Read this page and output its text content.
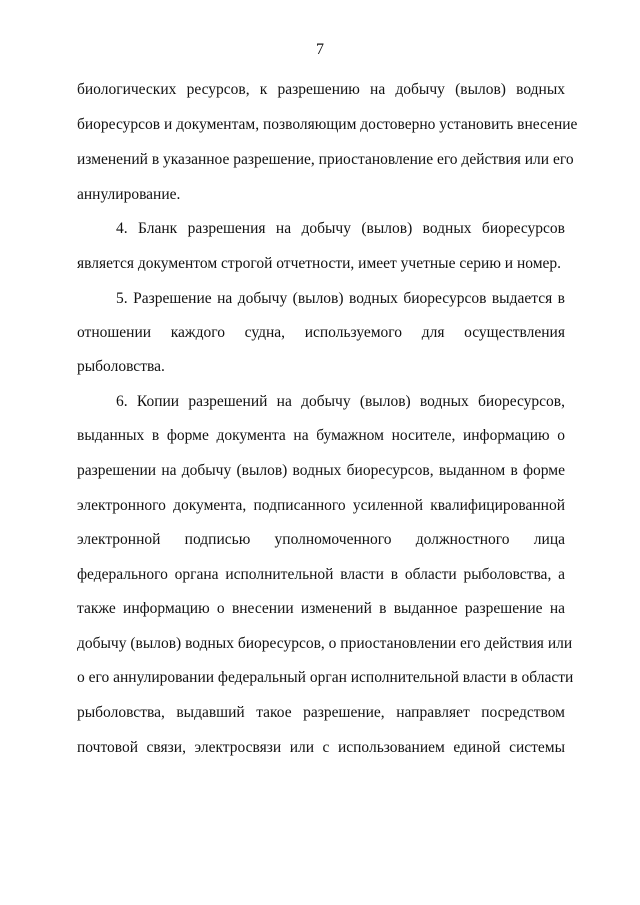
7
биологических ресурсов, к разрешению на добычу (вылов) водных
биоресурсов и документам, позволяющим достоверно установить внесение
изменений в указанное разрешение, приостановление его действия или его
аннулирование.
4. Бланк разрешения на добычу (вылов) водных биоресурсов
является документом строгой отчетности, имеет учетные серию и номер.
5. Разрешение на добычу (вылов) водных биоресурсов выдается в
отношении каждого судна, используемого для осуществления
рыболовства.
6. Копии разрешений на добычу (вылов) водных биоресурсов,
выданных в форме документа на бумажном носителе, информацию о
разрешении на добычу (вылов) водных биоресурсов, выданном в форме
электронного документа, подписанного усиленной квалифицированной
электронной подписью уполномоченного должностного лица
федерального органа исполнительной власти в области рыболовства, а
также информацию о внесении изменений в выданное разрешение на
добычу (вылов) водных биоресурсов, о приостановлении его действия или
о его аннулировании федеральный орган исполнительной власти в области
рыболовства, выдавший такое разрешение, направляет посредством
почтовой связи, электросвязи или с использованием единой системы
